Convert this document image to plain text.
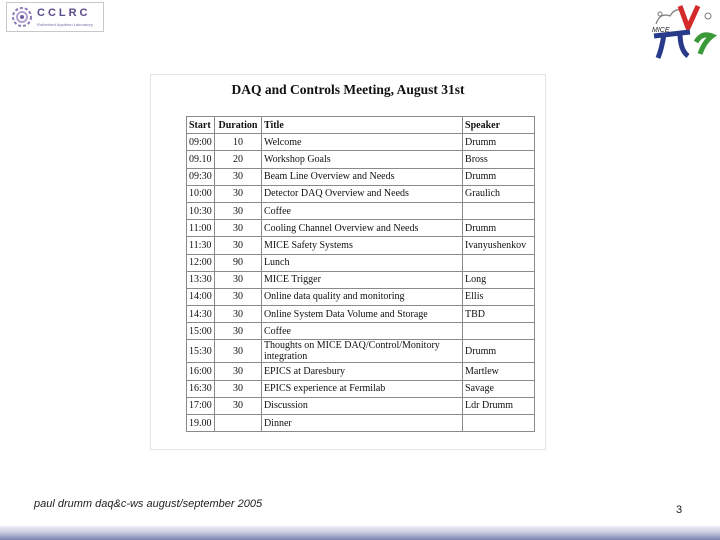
CCLRC
Rutherford Appleton Laboratory
MICE
DAQ and Controls Meeting, August 31st
Start	Duration	Title	Speaker
09:00	10	Welcome	Drumm
09.10	20	Workshop Goals	Bross
09:30	30	Beam Line Overview and Needs	Drumm
10:00	30	Detector DAQ Overview and Needs	Graulich
10:30	30	Coffee	
11:00	30	Cooling Channel Overview and Needs	Drumm
11:30	30	MICE Safety Systems	Ivanyushenkov
12:00	90	Lunch	
13:30	30	MICE Trigger	Long
14:00	30	Online data quality and monitoring	Ellis
14:30	30	Online System Data Volume and Storage	TBD
15:00	30	Coffee	
15:30	30	Thoughts on MICE DAQ/Control/Monitory integration	Drumm
16:00	30	EPICS at Daresbury	Martlew
16:30	30	EPICS experience at Fermilab	Savage
17:00	30	Discussion	Ldr Drumm
19.00		Dinner	
paul drumm daq&c-ws august/september 2005	3
